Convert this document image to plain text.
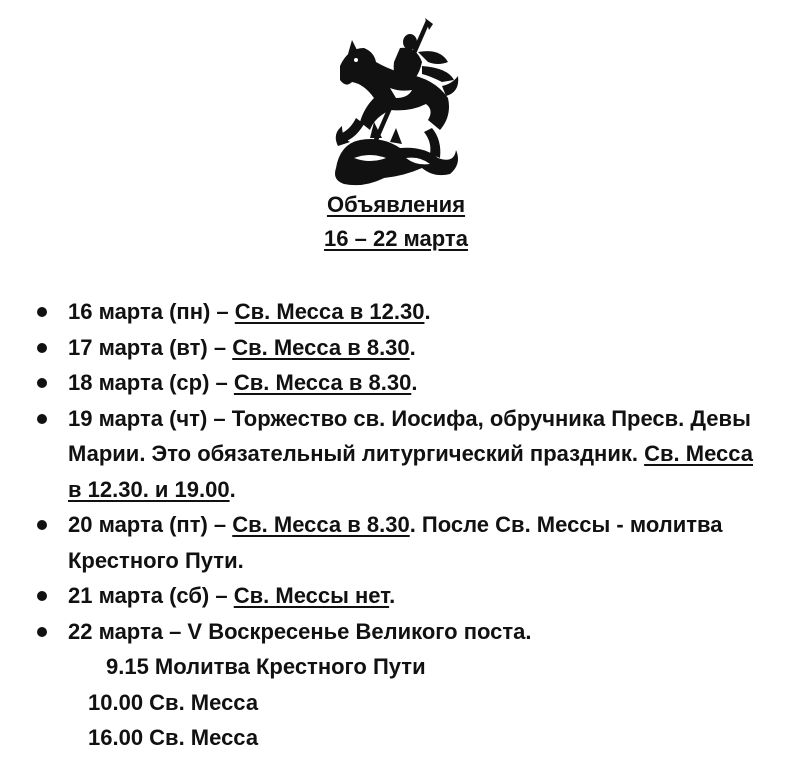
Объявления
16 – 22 марта
16 марта (пн) – Св. Месса в 12.30.
17 марта (вт) – Св. Месса в 8.30.
18 марта (ср) – Св. Месса в 8.30.
19 марта (чт) – Торжество св. Иосифа, обручника Пресв. Девы Марии. Это обязательный литургический праздник. Св. Месса в 12.30. и 19.00.
20 марта (пт) – Св. Месса в 8.30. После Св. Мессы - молитва Крестного Пути.
21 марта (сб) – Св. Мессы нет.
22 марта – V Воскресенье Великого поста.
9.15 Молитва Крестного Пути
10.00 Св. Месса
16.00 Св. Месса
